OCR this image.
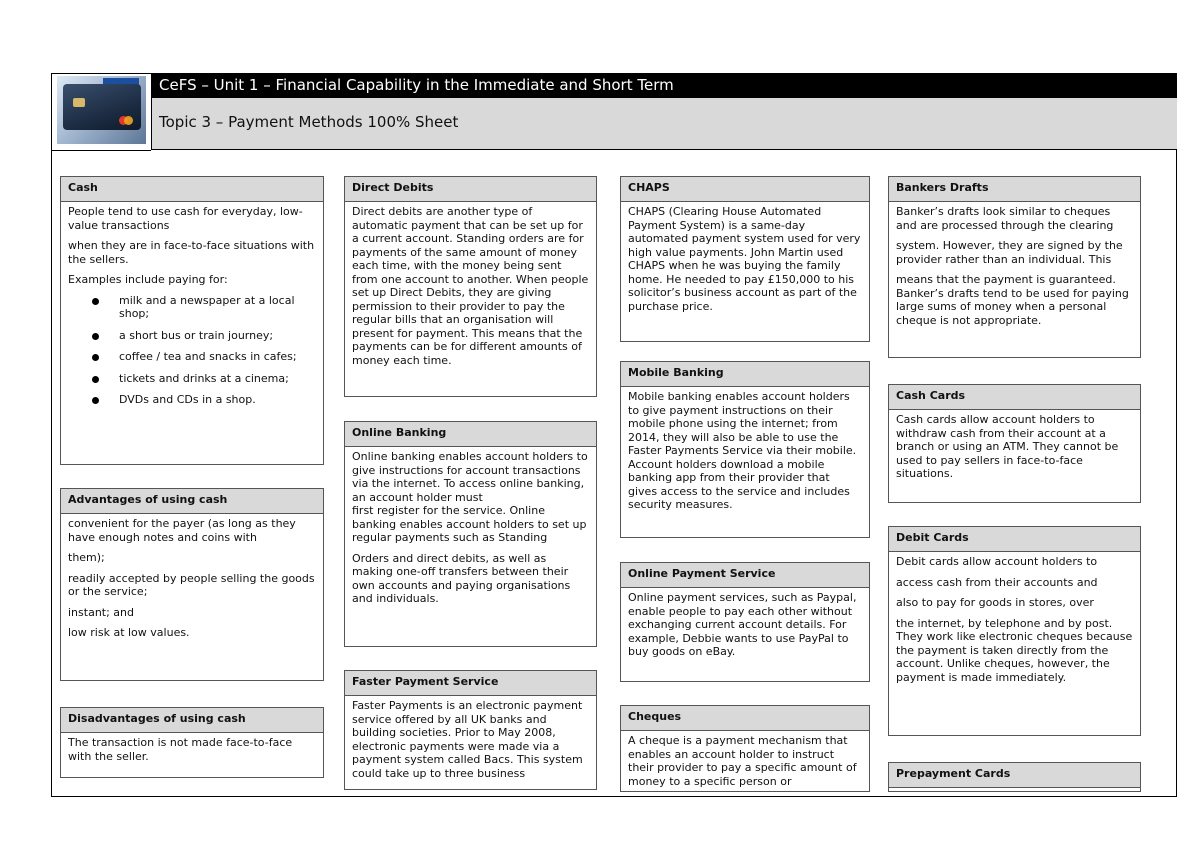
CeFS – Unit 1 – Financial Capability in the Immediate and Short Term
Topic 3 – Payment Methods 100% Sheet
Cash

People tend to use cash for everyday, low-value transactions

when they are in face-to-face situations with the sellers.

Examples include paying for:

milk and a newspaper at a local shop;
a short bus or train journey;
coffee / tea and snacks in cafes;
tickets and drinks at a cinema;
DVDs and CDs in a shop.
Advantages of using cash

convenient for the payer (as long as they have enough notes and coins with

them);

readily accepted by people selling the goods or the service;

instant; and

low risk at low values.

Disadvantages of using cash

The transaction is not made face-to-face with the seller.

Direct Debits

Direct debits are another type of automatic payment that can be set up for a current account. Standing orders are for payments of the same amount of money each time, with the money being sent from one account to another. When people set up Direct Debits, they are giving permission to their provider to pay the regular bills that an organisation will present for payment. This means that the payments can be for different amounts of money each time.

Online Banking

Online banking enables account holders to give instructions for account transactions via the internet. To access online banking, an account holder must

first register for the service. Online banking enables account holders to set up regular payments such as Standing

Orders and direct debits, as well as making one-off transfers between their own accounts and paying organisations and individuals.

Faster Payment Service

Faster Payments is an electronic payment service offered by all UK banks and building societies. Prior to May 2008, electronic payments were made via a payment system called Bacs. This system could take up to three business

CHAPS

CHAPS (Clearing House Automated Payment System) is a same-day automated payment system used for very high value payments. John Martin used CHAPS when he was buying the family home. He needed to pay £150,000 to his solicitor’s business account as part of the purchase price.

Mobile Banking

Mobile banking enables account holders to give payment instructions on their mobile phone using the internet; from 2014, they will also be able to use the Faster Payments Service via their mobile. Account holders download a mobile banking app from their provider that gives access to the service and includes security measures.

Online Payment Service

Online payment services, such as Paypal, enable people to pay each other without exchanging current account details. For example, Debbie wants to use PayPal to buy goods on eBay.

Cheques

A cheque is a payment mechanism that enables an account holder to instruct their provider to pay a specific amount of money to a specific person or

Bankers Drafts

Banker’s drafts look similar to cheques and are processed through the clearing

system. However, they are signed by the provider rather than an individual. This

means that the payment is guaranteed. Banker’s drafts tend to be used for paying large sums of money when a personal cheque is not appropriate.

Cash Cards

Cash cards allow account holders to withdraw cash from their account at a branch or using an ATM. They cannot be used to pay sellers in face-to-face situations.

Debit Cards

Debit cards allow account holders to

access cash from their accounts and

also to pay for goods in stores, over

the internet, by telephone and by post. They work like electronic cheques because the payment is taken directly from the account. Unlike cheques, however, the payment is made immediately.

Prepayment Cards
